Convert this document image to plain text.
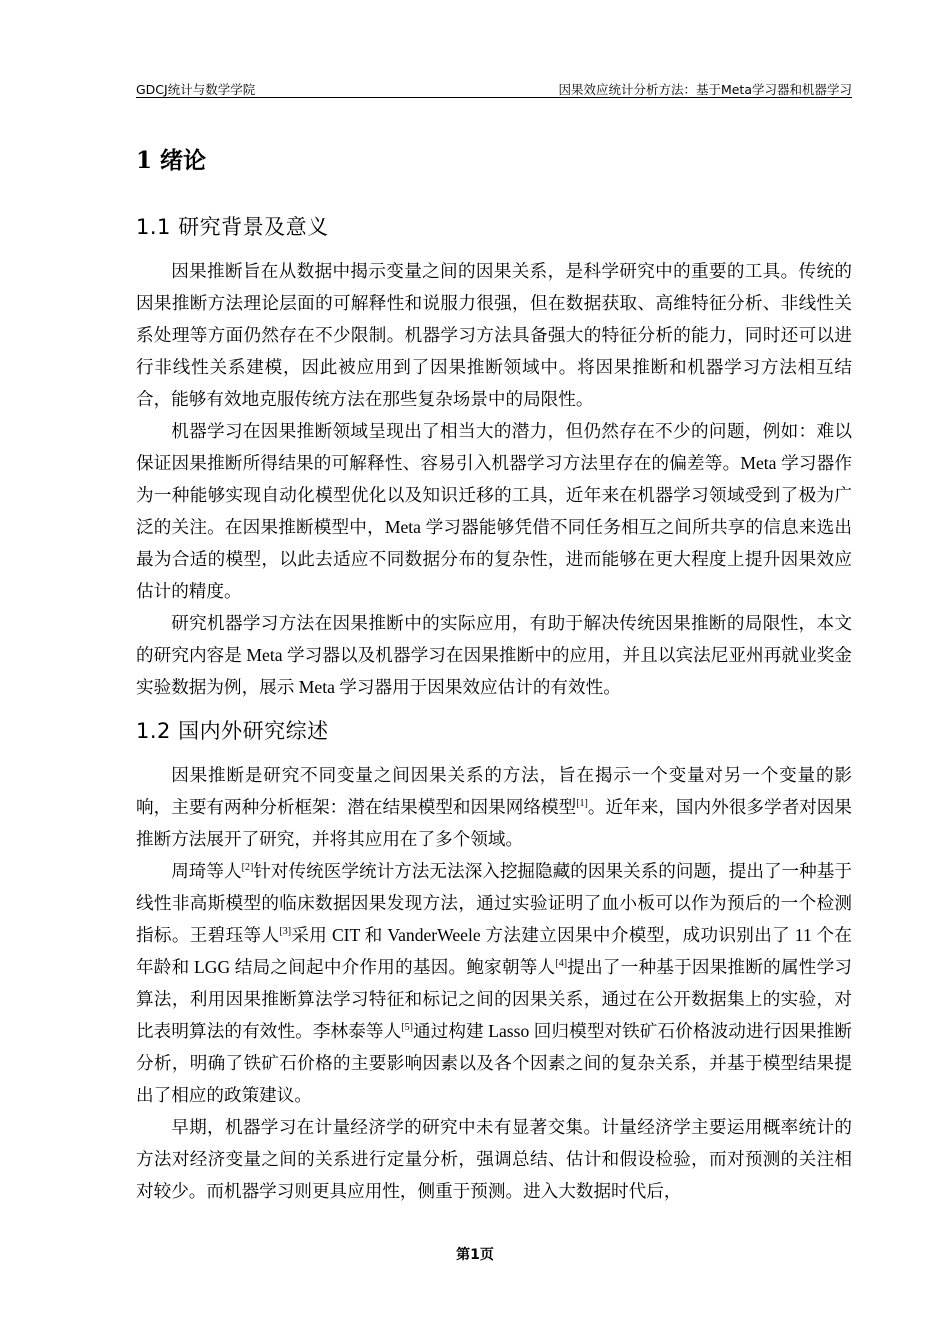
GDCJ统计与数学学院	因果效应统计分析方法：基于Meta学习器和机器学习
1 绪论
1.1 研究背景及意义

因果推断旨在从数据中揭示变量之间的因果关系，是科学研究中的重要的工具。传统的因果推断方法理论层面的可解释性和说服力很强，但在数据获取、高维特征分析、非线性关系处理等方面仍然存在不少限制。机器学习方法具备强大的特征分析的能力，同时还可以进行非线性关系建模，因此被应用到了因果推断领域中。将因果推断和机器学习方法相互结合，能够有效地克服传统方法在那些复杂场景中的局限性。

机器学习在因果推断领域呈现出了相当大的潜力，但仍然存在不少的问题，例如：难以保证因果推断所得结果的可解释性、容易引入机器学习方法里存在的偏差等。Meta 学习器作为一种能够实现自动化模型优化以及知识迁移的工具，近年来在机器学习领域受到了极为广泛的关注。在因果推断模型中，Meta 学习器能够凭借不同任务相互之间所共享的信息来选出最为合适的模型，以此去适应不同数据分布的复杂性，进而能够在更大程度上提升因果效应估计的精度。

研究机器学习方法在因果推断中的实际应用，有助于解决传统因果推断的局限性，本文的研究内容是 Meta 学习器以及机器学习在因果推断中的应用，并且以宾法尼亚州再就业奖金实验数据为例，展示 Meta 学习器用于因果效应估计的有效性。

1.2 国内外研究综述

因果推断是研究不同变量之间因果关系的方法，旨在揭示一个变量对另一个变量的影响，主要有两种分析框架：潜在结果模型和因果网络模型[1]。近年来，国内外很多学者对因果推断方法展开了研究，并将其应用在了多个领域。

周琦等人[2]针对传统医学统计方法无法深入挖掘隐藏的因果关系的问题，提出了一种基于线性非高斯模型的临床数据因果发现方法，通过实验证明了血小板可以作为预后的一个检测指标。王碧珏等人[3]采用 CIT 和 VanderWeele 方法建立因果中介模型，成功识别出了 11 个在年龄和 LGG 结局之间起中介作用的基因。鲍家朝等人[4]提出了一种基于因果推断的属性学习算法，利用因果推断算法学习特征和标记之间的因果关系，通过在公开数据集上的实验，对比表明算法的有效性。李林泰等人[5]通过构建 Lasso 回归模型对铁矿石价格波动进行因果推断分析，明确了铁矿石价格的主要影响因素以及各个因素之间的复杂关系，并基于模型结果提出了相应的政策建议。

早期，机器学习在计量经济学的研究中未有显著交集。计量经济学主要运用概率统计的方法对经济变量之间的关系进行定量分析，强调总结、估计和假设检验，而对预测的关注相对较少。而机器学习则更具应用性，侧重于预测。进入大数据时代后，

第1页
